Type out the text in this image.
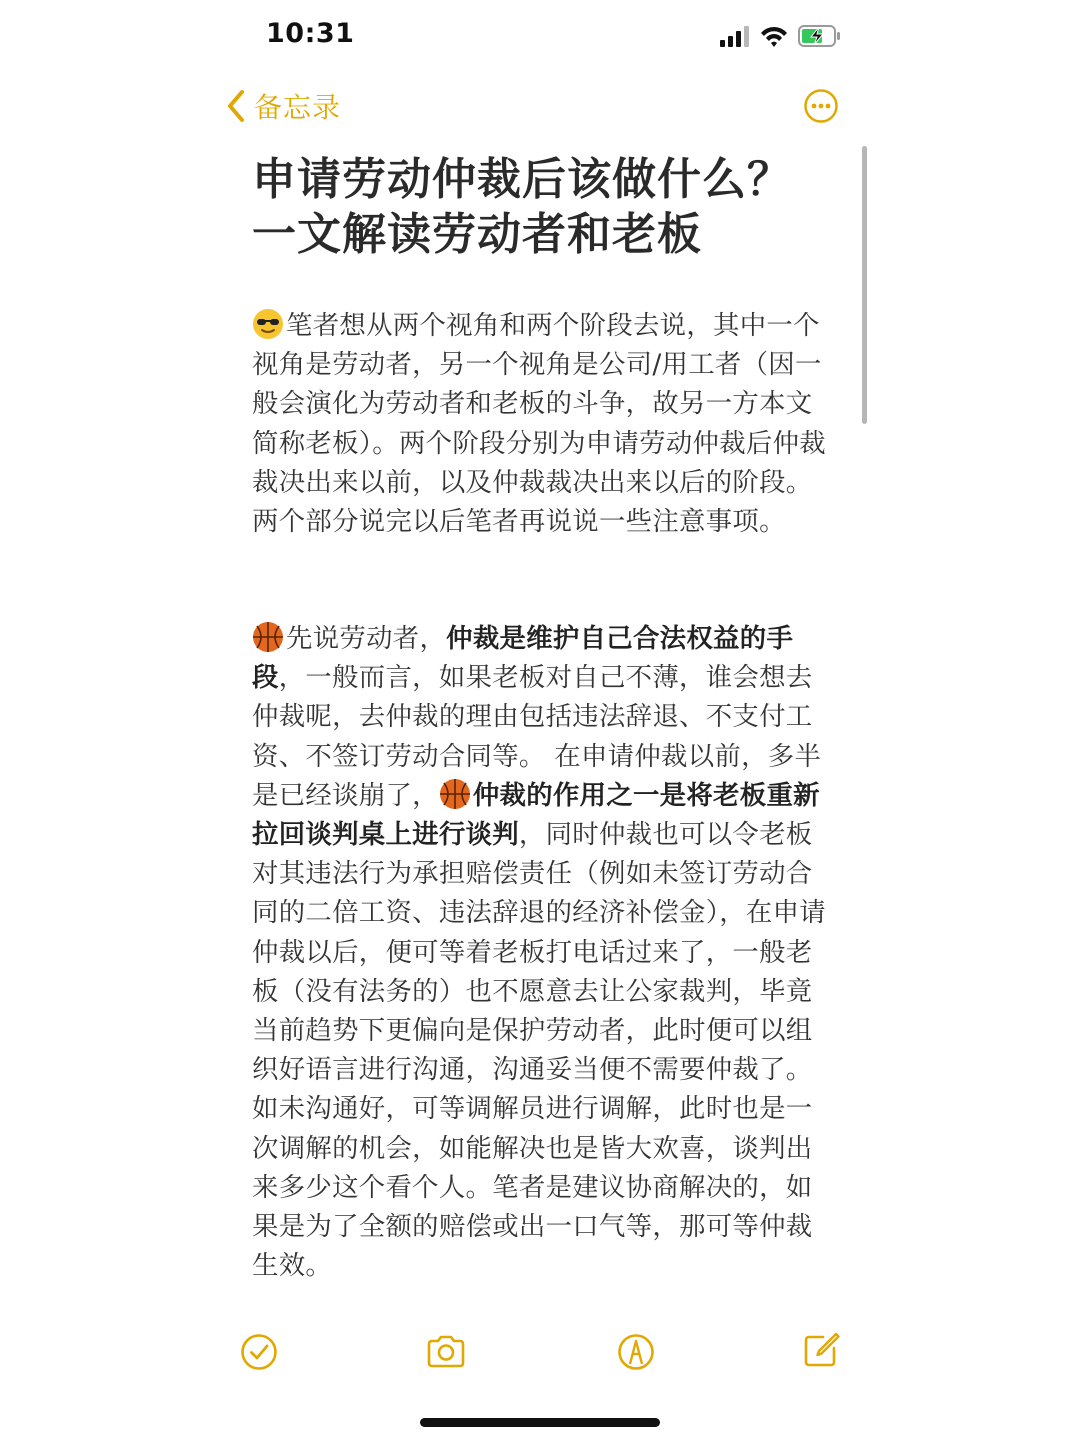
10:31
备忘录
申请劳动仲裁后该做什么？一文解读劳动者和老板

笔者想从两个视角和两个阶段去说，其中一个视角是劳动者，另一个视角是公司/用工者（因一般会演化为劳动者和老板的斗争，故另一方本文简称老板）。两个阶段分别为申请劳动仲裁后仲裁裁决出来以前，以及仲裁裁决出来以后的阶段。 两个部分说完以后笔者再说说一些注意事项。

先说劳动者，仲裁是维护自己合法权益的手段，一般而言，如果老板对自己不薄，谁会想去仲裁呢，去仲裁的理由包括违法辞退、不支付工资、不签订劳动合同等。 在申请仲裁以前，多半是已经谈崩了， 仲裁的作用之一是将老板重新拉回谈判桌上进行谈判，同时仲裁也可以令老板对其违法行为承担赔偿责任（例如未签订劳动合同的二倍工资、违法辞退的经济补偿金），在申请仲裁以后，便可等着老板打电话过来了，一般老板（没有法务的）也不愿意去让公家裁判，毕竟当前趋势下更偏向是保护劳动者，此时便可以组织好语言进行沟通，沟通妥当便不需要仲裁了。 如未沟通好，可等调解员进行调解，此时也是一次调解的机会，如能解决也是皆大欢喜，谈判出来多少这个看个人。笔者是建议协商解决的，如果是为了全额的赔偿或出一口气等，那可等仲裁生效。
